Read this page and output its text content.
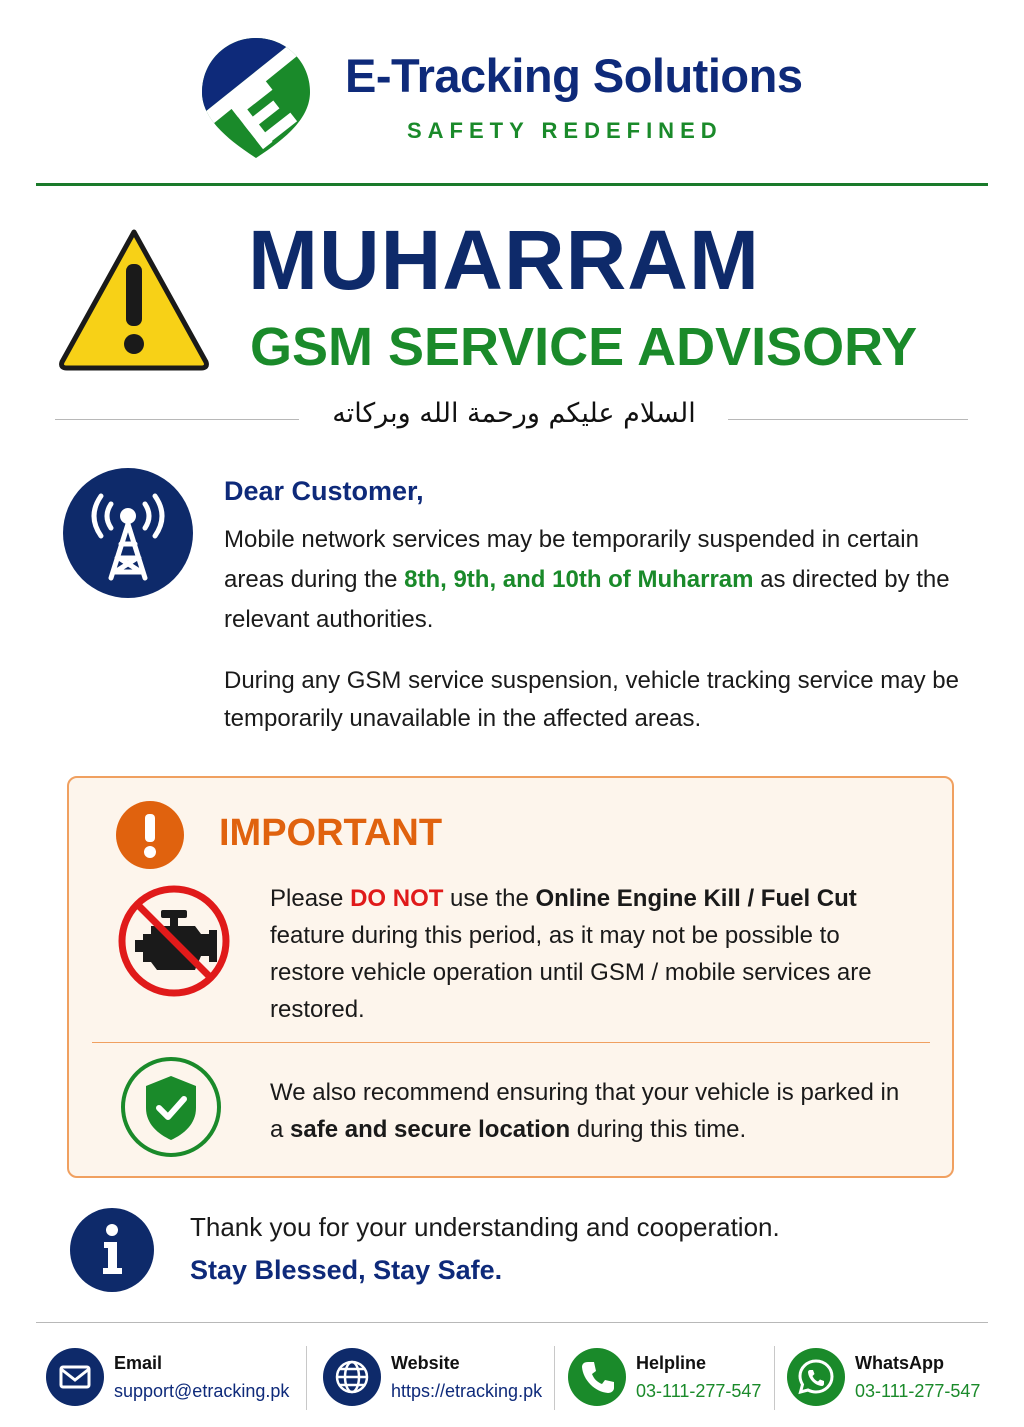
E-Tracking Solutions
SAFETY REDEFINED
MUHARRAM
GSM SERVICE ADVISORY
السلام عليكم ورحمة الله وبركاته
Dear Customer,
Mobile network services may be temporarily suspended in certain areas during the 8th, 9th, and 10th of Muharram as directed by the relevant authorities.
During any GSM service suspension, vehicle tracking service may be temporarily unavailable in the affected areas.
IMPORTANT
Please DO NOT use the Online Engine Kill / Fuel Cut feature during this period, as it may not be possible to restore vehicle operation until GSM / mobile services are restored.
We also recommend ensuring that your vehicle is parked in a safe and secure location during this time.
Thank you for your understanding and cooperation.
Stay Blessed, Stay Safe.
Email
support@etracking.pk
Website
https://etracking.pk
Helpline
03-111-277-547
WhatsApp
03-111-277-547
